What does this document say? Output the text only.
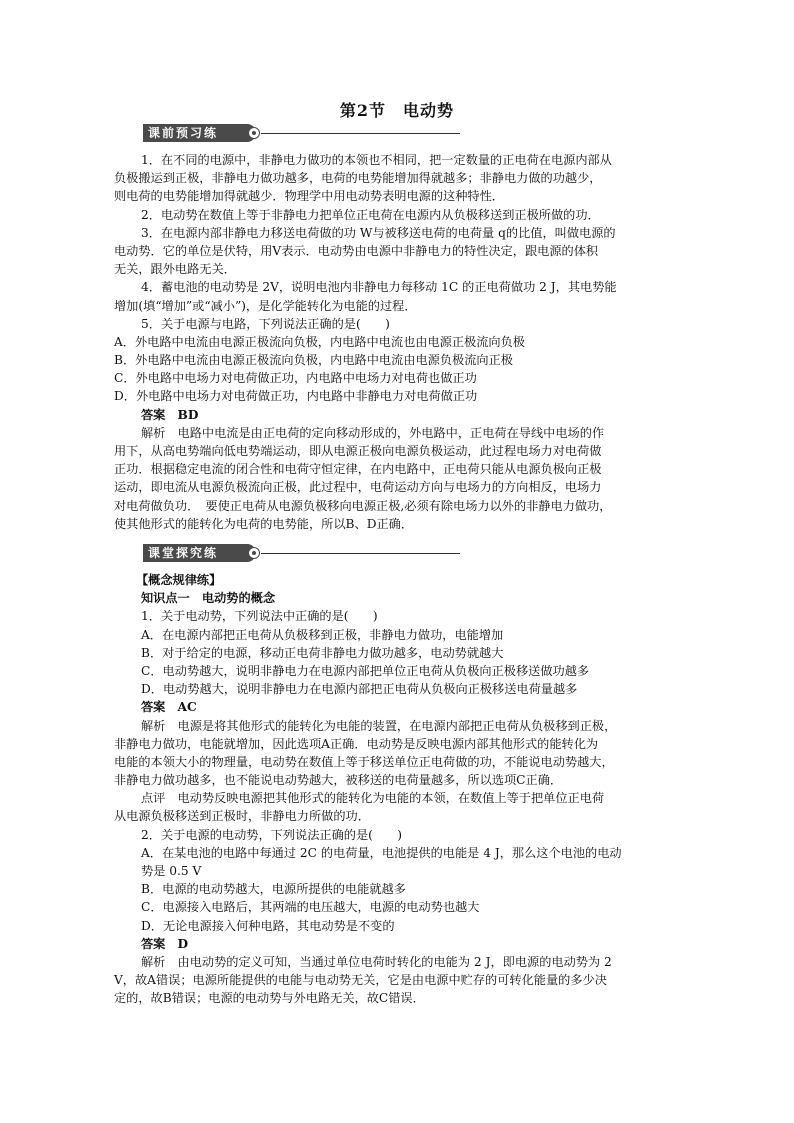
第2节　电动势
课前预习练
1．在不同的电源中，非静电力做功的本领也不相同，把一定数量的正电荷在电源内部从
负极搬运到正极，非静电力做功越多，电荷的电势能增加得就越多；非静电力做的功越少，
则电荷的电势能增加得就越少．物理学中用电动势表明电源的这种特性．
2．电动势在数值上等于非静电力把单位正电荷在电源内从负极移送到正极所做的功．
3．在电源内部非静电力移送电荷做的功 W与被移送电荷的电荷量 q的比值，叫做电源的
电动势．它的单位是伏特，用V表示．电动势由电源中非静电力的特性决定，跟电源的体积
无关，跟外电路无关．
4．蓄电池的电动势是 2V，说明电池内非静电力每移动 1C 的正电荷做功 2 J，其电势能
增加(填“增加”或“减小”)，是化学能转化为电能的过程．
5．关于电源与电路，下列说法正确的是(　　)
A．外电路中电流由电源正极流向负极，内电路中电流也由电源正极流向负极
B．外电路中电流由电源正极流向负极，内电路中电流由电源负极流向正极
C．外电路中电场力对电荷做正功，内电路中电场力对电荷也做正功
D．外电路中电场力对电荷做正功，内电路中非静电力对电荷做正功
答案　BD
解析　电路中电流是由正电荷的定向移动形成的，外电路中，正电荷在导线中电场的作
用下，从高电势端向低电势端运动，即从电源正极向电源负极运动，此过程电场力对电荷做
正功．根据稳定电流的闭合性和电荷守恒定律，在内电路中，正电荷只能从电源负极向正极
运动，即电流从电源负极流向正极，此过程中，电荷运动方向与电场力的方向相反，电场力
对电荷做负功．　要使正电荷从电源负极移向电源正极,必须有除电场力以外的非静电力做功，
使其他形式的能转化为电荷的电势能，所以B、D正确．
课堂探究练
【概念规律练】
知识点一　电动势的概念
1．关于电动势，下列说法中正确的是(　　)
A．在电源内部把正电荷从负极移到正极，非静电力做功，电能增加
B．对于给定的电源，移动正电荷非静电力做功越多，电动势就越大
C．电动势越大，说明非静电力在电源内部把单位正电荷从负极向正极移送做功越多
D．电动势越大，说明非静电力在电源内部把正电荷从负极向正极移送电荷量越多
答案　AC
解析　电源是将其他形式的能转化为电能的装置，在电源内部把正电荷从负极移到正极，
非静电力做功，电能就增加，因此选项A正确．电动势是反映电源内部其他形式的能转化为
电能的本领大小的物理量，电动势在数值上等于移送单位正电荷做的功，不能说电动势越大，
非静电力做功越多，也不能说电动势越大，被移送的电荷量越多，所以选项C正确．
点评　电动势反映电源把其他形式的能转化为电能的本领，在数值上等于把单位正电荷
从电源负极移送到正极时，非静电力所做的功．
2．关于电源的电动势，下列说法正确的是(　　)
A．在某电池的电路中每通过 2C 的电荷量，电池提供的电能是 4 J，那么这个电池的电动
势是 0.5 V
B．电源的电动势越大，电源所提供的电能就越多
C．电源接入电路后，其两端的电压越大，电源的电动势也越大
D．无论电源接入何种电路，其电动势是不变的
答案　D
解析　由电动势的定义可知，当通过单位电荷时转化的电能为 2 J，即电源的电动势为 2
V，故A错误；电源所能提供的电能与电动势无关，它是由电源中贮存的可转化能量的多少决
定的，故B错误；电源的电动势与外电路无关，故C错误．
